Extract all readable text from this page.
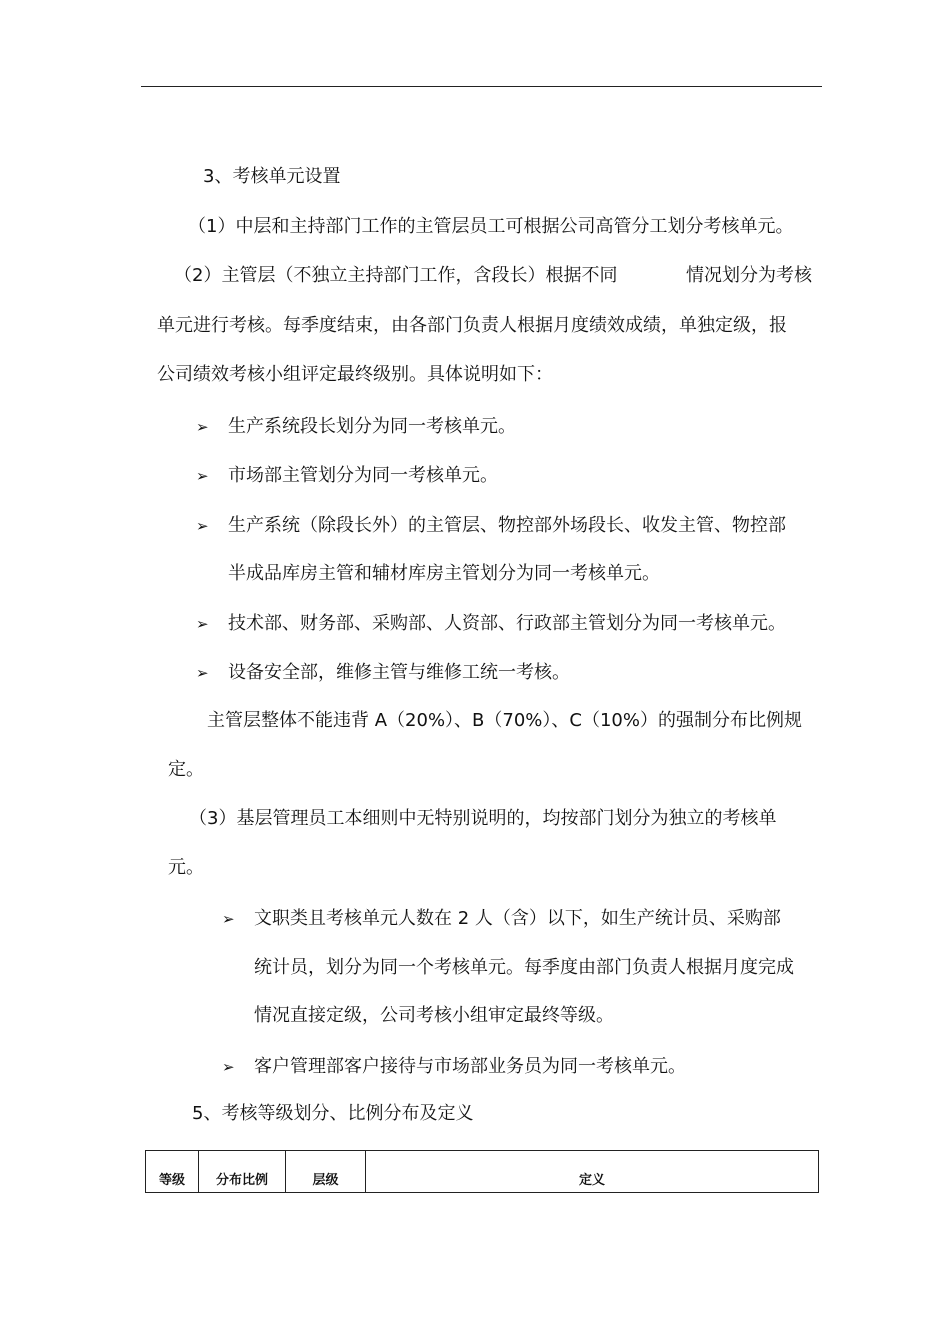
3、考核单元设置
（1）中层和主持部门工作的主管层员工可根据公司高管分工划分考核单元。
（2）主管层（不独立主持部门工作，含段长）根据不同	情况划分为考核
单元进行考核。每季度结束，由各部门负责人根据月度绩效成绩，单独定级，报
公司绩效考核小组评定最终级别。具体说明如下：
➢ 生产系统段长划分为同一考核单元。
➢ 市场部主管划分为同一考核单元。
➢ 生产系统（除段长外）的主管层、物控部外场段长、收发主管、物控部
半成品库房主管和辅材库房主管划分为同一考核单元。
➢ 技术部、财务部、采购部、人资部、行政部主管划分为同一考核单元。
➢ 设备安全部，维修主管与维修工统一考核。
主管层整体不能违背 A（20%）、B（70%）、C（10%）的强制分布比例规
定。
（3）基层管理员工本细则中无特别说明的，均按部门划分为独立的考核单
元。
➢ 文职类且考核单元人数在 2 人（含）以下，如生产统计员、采购部
统计员，划分为同一个考核单元。每季度由部门负责人根据月度完成
情况直接定级，公司考核小组审定最终等级。
➢ 客户管理部客户接待与市场部业务员为同一考核单元。
5、考核等级划分、比例分布及定义
等级	分布比例	层级	定义
